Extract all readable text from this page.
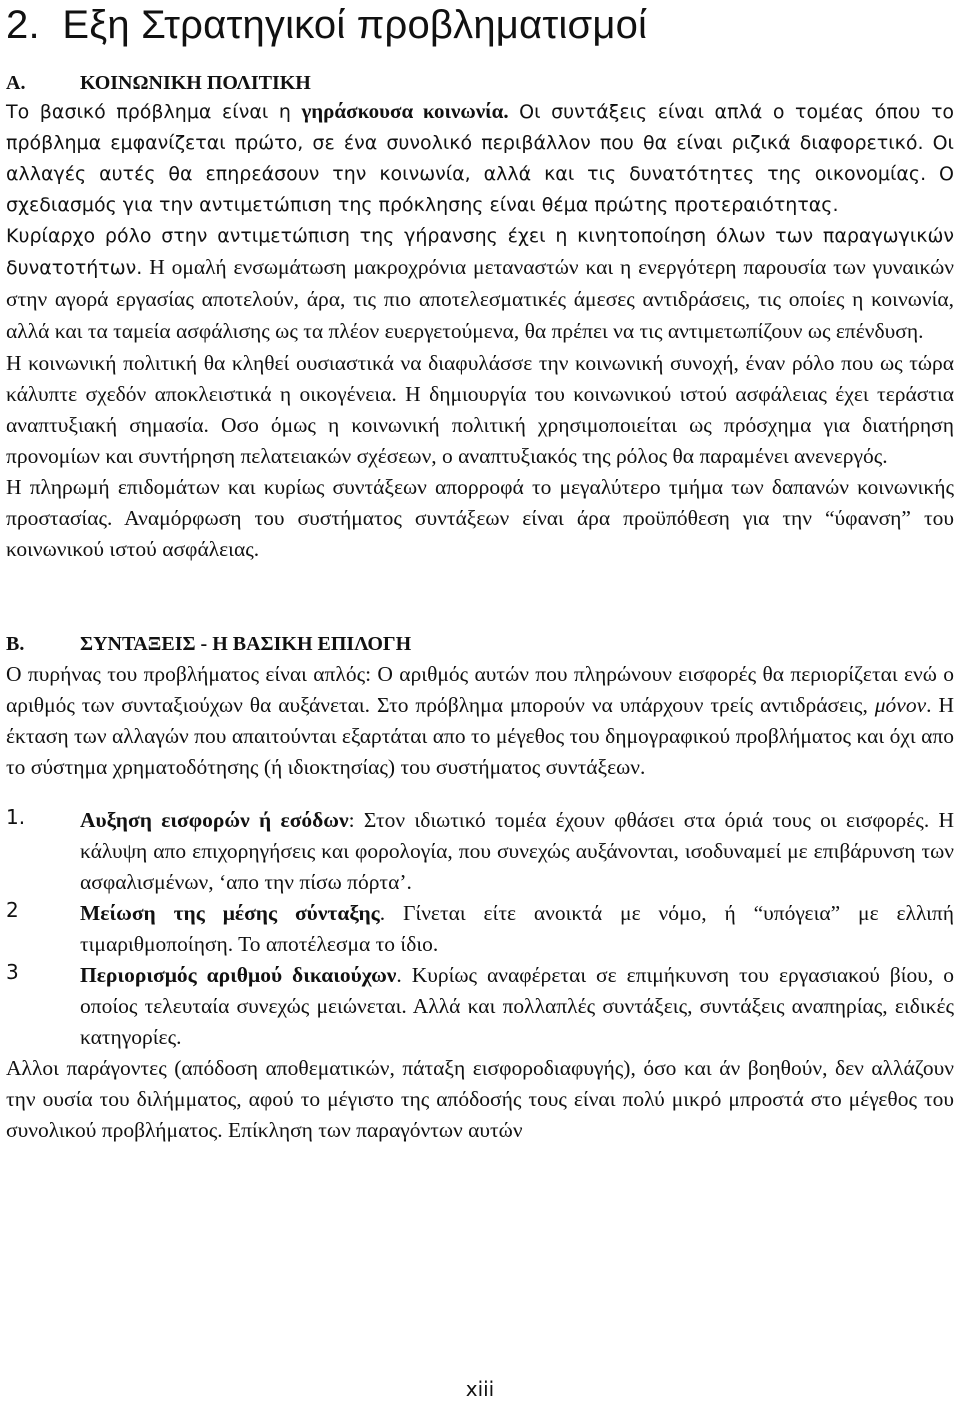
2. Εξη Στρατηγικοί προβληματισμοί
Α.	ΚΟΙΝΩΝΙΚΗ ΠΟΛΙΤΙΚΗ

Το βασικό πρόβλημα είναι η γηράσκουσα κοινωνία. Οι συντάξεις είναι απλά ο τομέας όπου το πρόβλημα εμφανίζεται πρώτο, σε ένα συνολικό περιβάλλον που θα είναι ριζικά διαφορετικό. Οι αλλαγές αυτές θα επηρεάσουν την κοινωνία, αλλά και τις δυνατότητες της οικονομίας. Ο σχεδιασμός για την αντιμετώπιση της πρόκλησης είναι θέμα πρώτης προτεραιότητας.

Κυρίαρχο ρόλο στην αντιμετώπιση της γήρανσης έχει η κινητοποίηση όλων των παραγωγικών δυνατοτήτων. Η ομαλή ενσωμάτωση μακροχρόνια μεταναστών και η ενεργότερη παρουσία των γυναικών στην αγορά εργασίας αποτελούν, άρα, τις πιο αποτελεσματικές άμεσες αντιδράσεις, τις οποίες η κοινωνία, αλλά και τα ταμεία ασφάλισης ως τα πλέον ευεργετούμενα, θα πρέπει να τις αντιμετωπίζουν ως επένδυση.

Η κοινωνική πολιτική θα κληθεί ουσιαστικά να διαφυλάσσε την κοινωνική συνοχή, έναν ρόλο που ως τώρα κάλυπτε σχεδόν αποκλειστικά η οικογένεια. Η δημιουργία του κοινωνικού ιστού ασφάλειας έχει τεράστια αναπτυξιακή σημασία. Οσο όμως η κοινωνική πολιτική χρησιμοποιείται ως πρόσχημα για διατήρηση προνομίων και συντήρηση πελατειακών σχέσεων, ο αναπτυξιακός της ρόλος θα παραμένει ανενεργός.

Η πληρωμή επιδομάτων και κυρίως συντάξεων απορροφά το μεγαλύτερο τμήμα των δαπανών κοινωνικής προστασίας. Αναμόρφωση του συστήματος συντάξεων είναι άρα προϋπόθεση για την “ύφανση” του κοινωνικού ιστού ασφάλειας.

Β.	ΣΥΝΤΑΞΕΙΣ - Η ΒΑΣΙΚΗ ΕΠΙΛΟΓΗ

Ο πυρήνας του προβλήματος είναι απλός: Ο αριθμός αυτών που πληρώνουν εισφορές θα περιορίζεται ενώ ο αριθμός των συνταξιούχων θα αυξάνεται. Στο πρόβλημα μπορούν να υπάρχουν τρείς αντιδράσεις, μόνον. Η έκταση των αλλαγών που απαιτούνται εξαρτάται απο το μέγεθος του δημογραφικού προβλήματος και όχι απο το σύστημα χρηματοδότησης (ή ιδιοκτησίας) του συστήματος συντάξεων.

1.	Αυξηση εισφορών ή εσόδων: Στον ιδιωτικό τομέα έχουν φθάσει στα όριά τους οι εισφορές. Η κάλυψη απο επιχορηγήσεις και φορολογία, που συνεχώς αυξάνονται, ισοδυναμεί με επιβάρυνση των ασφαλισμένων, ‘απο την πίσω πόρτα’.

2	Μείωση της μέσης σύνταξης. Γίνεται είτε ανοικτά με νόμο, ή “υπόγεια” με ελλιπή τιμαριθμοποίηση. Το αποτέλεσμα το ίδιο.

3	Περιορισμός αριθμού δικαιούχων. Κυρίως αναφέρεται σε επιμήκυνση του εργασιακού βίου, ο οποίος τελευταία συνεχώς μειώνεται. Αλλά και πολλαπλές συντάξεις, συντάξεις αναπηρίας, ειδικές κατηγορίες.

Αλλοι παράγοντες (απόδοση αποθεματικών, πάταξη εισφοροδιαφυγής), όσο και άν βοηθούν, δεν αλλάζουν την ουσία του διλήμματος, αφού το μέγιστο της απόδοσής τους είναι πολύ μικρό μπροστά στο μέγεθος του συνολικού προβλήματος. Επίκληση των παραγόντων αυτών

xiii
